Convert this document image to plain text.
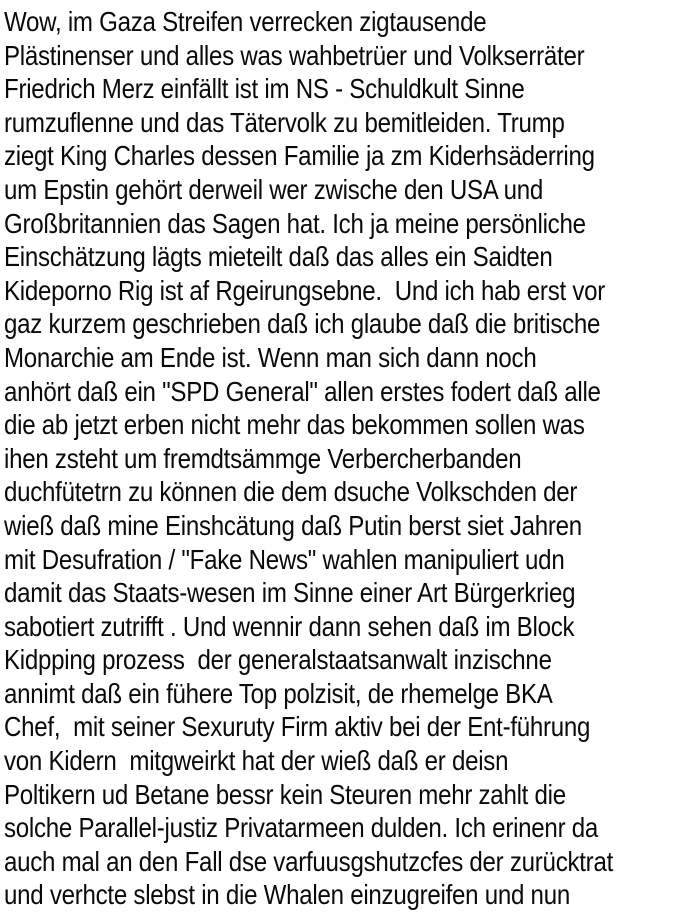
Wow, im Gaza Streifen verrecken zigtausende

Plästinenser und alles was wahbetrüer und Volkserräter

Friedrich Merz einfällt ist im NS - Schuldkult Sinne

rumzuflenne und das Tätervolk zu bemitleiden. Trump

ziegt King Charles dessen Familie ja zm Kiderhsäderring

um Epstin gehört derweil wer zwische den USA und

Großbritannien das Sagen hat. Ich ja meine persönliche

Einschätzung lägts mieteilt daß das alles ein Saidten

Kideporno Rig ist af Rgeirungsebne.  Und ich hab erst vor

gaz kurzem geschrieben daß ich glaube daß die britische

Monarchie am Ende ist. Wenn man sich dann noch

anhört daß ein "SPD General" allen erstes fodert daß alle

die ab jetzt erben nicht mehr das bekommen sollen was

ihen zsteht um fremdtsämmge Verbercherbanden

duchfütetrn zu können die dem dsuche Volkschden der

wieß daß mine Einshcätung daß Putin berst siet Jahren

mit Desufration / "Fake News" wahlen manipuliert udn

damit das Staats-wesen im Sinne einer Art Bürgerkrieg

sabotiert zutrifft . Und wennir dann sehen daß im Block

Kidpping prozess  der generalstaatsanwalt inzischne

annimt daß ein fühere Top polzisit, de rhemelge BKA

Chef,  mit seiner Sexuruty Firm aktiv bei der Ent-führung

von Kidern  mitgweirkt hat der wieß daß er deisn

Poltikern ud Betane bessr kein Steuren mehr zahlt die

solche Parallel-justiz Privatarmeen dulden. Ich erinenr da

auch mal an den Fall dse varfuusgshutzcfes der zurücktrat

und verhcte slebst in die Whalen einzugreifen und nun
